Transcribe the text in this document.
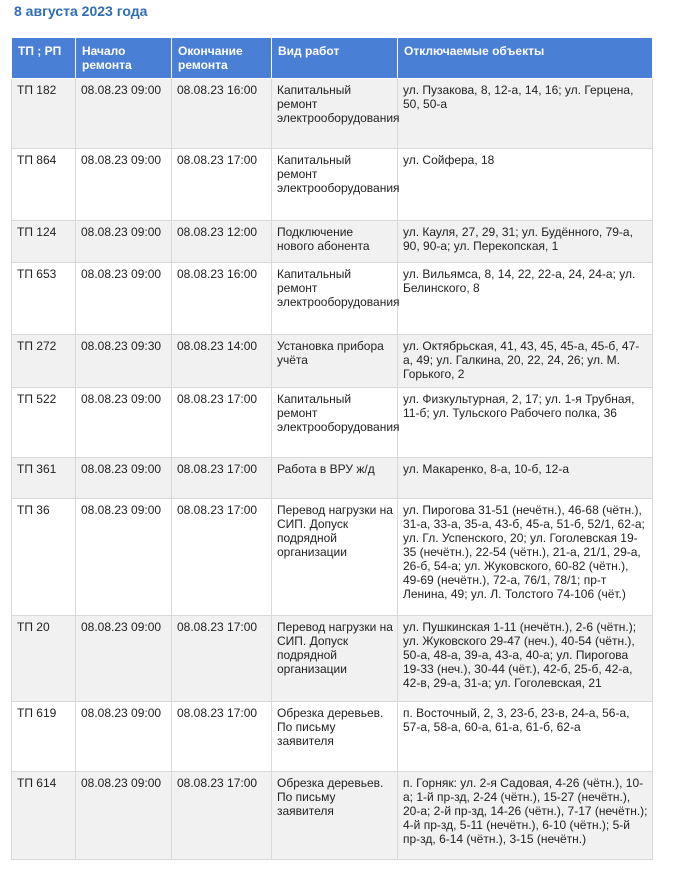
8 августа 2023 года
ТП ; РП	Начало ремонта	Окончание ремонта	Вид работ	Отключаемые объекты
ТП 182	08.08.23 09:00	08.08.23 16:00	Капитальный ремонт электрооборудования	ул. Пузакова, 8, 12-а, 14, 16; ул. Герцена, 50, 50-а
ТП 864	08.08.23 09:00	08.08.23 17:00	Капитальный ремонт электрооборудования	ул. Сойфера, 18
ТП 124	08.08.23 09:00	08.08.23 12:00	Подключение нового абонента	ул. Кауля, 27, 29, 31; ул. Будённого, 79-а, 90, 90-а; ул. Перекопская, 1
ТП 653	08.08.23 09:00	08.08.23 16:00	Капитальный ремонт электрооборудования	ул. Вильямса, 8, 14, 22, 22-а, 24, 24-а; ул. Белинского, 8
ТП 272	08.08.23 09:30	08.08.23 14:00	Установка прибора учёта	ул. Октябрьская, 41, 43, 45, 45-а, 45-б, 47-а, 49; ул. Галкина, 20, 22, 24, 26; ул. М. Горького, 2
ТП 522	08.08.23 09:00	08.08.23 17:00	Капитальный ремонт электрооборудования	ул. Физкультурная, 2, 17; ул. 1-я Трубная, 11-б; ул. Тульского Рабочего полка, 36
ТП 361	08.08.23 09:00	08.08.23 17:00	Работа в ВРУ ж/д	ул. Макаренко, 8-а, 10-б, 12-а
ТП 36	08.08.23 09:00	08.08.23 17:00	Перевод нагрузки на СИП. Допуск подрядной организации	ул. Пирогова 31-51 (нечётн.), 46-68 (чётн.), 31-а, 33-а, 35-а, 43-б, 45-а, 51-б, 52/1, 62-а; ул. Гл. Успенского, 20; ул. Гоголевская 19-35 (нечётн.), 22-54 (чётн.), 21-а, 21/1, 29-а, 26-б, 54-а; ул. Жуковского, 60-82 (чётн.), 49-69 (нечётн.), 72-а, 76/1, 78/1; пр-т Ленина, 49; ул. Л. Толстого 74-106 (чёт.)
ТП 20	08.08.23 09:00	08.08.23 17:00	Перевод нагрузки на СИП. Допуск подрядной организации	ул. Пушкинская 1-11 (нечётн.), 2-6 (чётн.); ул. Жуковского 29-47 (неч.), 40-54 (чётн.), 50-а, 48-а, 39-а, 43-а, 40-а; ул. Пирогова 19-33 (неч.), 30-44 (чёт.), 42-б, 25-б, 42-а, 42-в, 29-а, 31-а; ул. Гоголевская, 21
ТП 619	08.08.23 09:00	08.08.23 17:00	Обрезка деревьев. По письму заявителя	п. Восточный, 2, 3, 23-б, 23-в, 24-а, 56-а, 57-а, 58-а, 60-а, 61-а, 61-б, 62-а
ТП 614	08.08.23 09:00	08.08.23 17:00	Обрезка деревьев. По письму заявителя	п. Горняк: ул. 2-я Садовая, 4-26 (чётн.), 10-а; 1-й пр-зд, 2-24 (чётн.), 15-27 (нечётн.), 20-а; 2-й пр-зд, 14-26 (чётн.), 7-17 (нечётн.); 4-й пр-зд, 5-11 (нечётн.), 6-10 (чётн.); 5-й пр-зд, 6-14 (чётн.), 3-15 (нечётн.)
